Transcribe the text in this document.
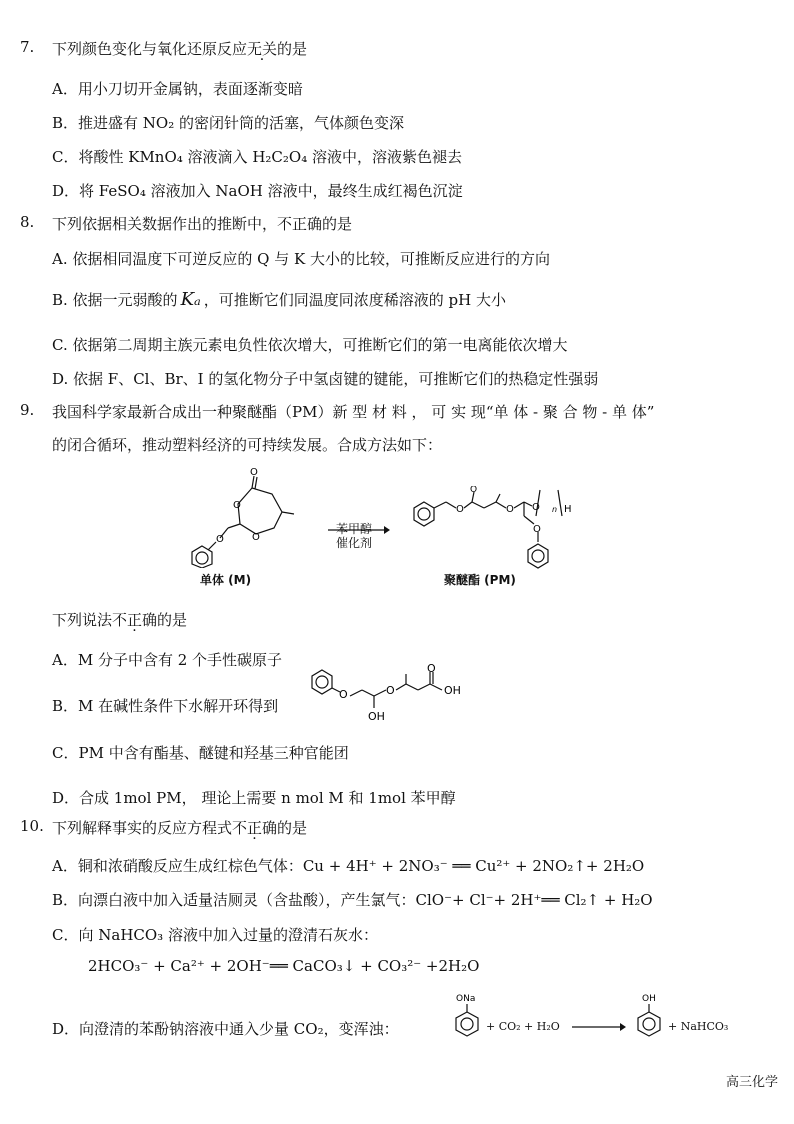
7.	下列颜色变化与氧化还原反应无关的是
A．用小刀切开金属钠，表面逐渐变暗
B．推进盛有 NO₂ 的密闭针筒的活塞，气体颜色变深
C．将酸性 KMnO₄ 溶液滴入 H₂C₂O₄ 溶液中，溶液紫色褪去
D．将 FeSO₄ 溶液加入 NaOH 溶液中，最终生成红褐色沉淀
8.	下列依据相关数据作出的推断中，不正确的是
A. 依据相同温度下可逆反应的 Q 与 K 大小的比较，可推断反应进行的方向
B. 依据一元弱酸的 Kₐ ，可推断它们同温度同浓度稀溶液的 pH 大小
C. 依据第二周期主族元素电负性依次增大，可推断它们的第一电离能依次增大
D. 依据 F、Cl、Br、I 的氢化物分子中氢卤键的键能，可推断它们的热稳定性强弱
9.	我国科学家最新合成出一种聚醚酯（PM）新 型 材 料 ， 可 实 现“单 体 - 聚 合 物 - 单 体”
的闭合循环，推动塑料经济的可持续发展。合成方法如下：
O
O
O
O
单体 (M)
苯甲醇
催化剂
O
O
O O n H
O
聚醚酯 (PM)
下列说法不正确的是
A．M 分子中含有 2 个手性碳原子
B．M 在碱性条件下水解开环得到
O
OH
O
O
OH
C．PM 中含有酯基、醚键和羟基三种官能团
D．合成 1mol PM， 理论上需要 n mol M 和 1mol 苯甲醇
10. 下列解释事实的反应方程式不正确的是
A．铜和浓硝酸反应生成红棕色气体：Cu + 4H⁺ + 2NO₃⁻ ══ Cu²⁺ + 2NO₂↑+ 2H₂O
B．向漂白液中加入适量洁厕灵（含盐酸），产生氯气：ClO⁻+ Cl⁻+ 2H⁺══ Cl₂↑ + H₂O
C．向 NaHCO₃ 溶液中加入过量的澄清石灰水：
2HCO₃⁻ + Ca²⁺ + 2OH⁻══ CaCO₃↓ + CO₃²⁻ +2H₂O
D．向澄清的苯酚钠溶液中通入少量 CO₂，变浑浊：
ONa
+ CO₂ + H₂O
OH
+ NaHCO₃
高三化学
